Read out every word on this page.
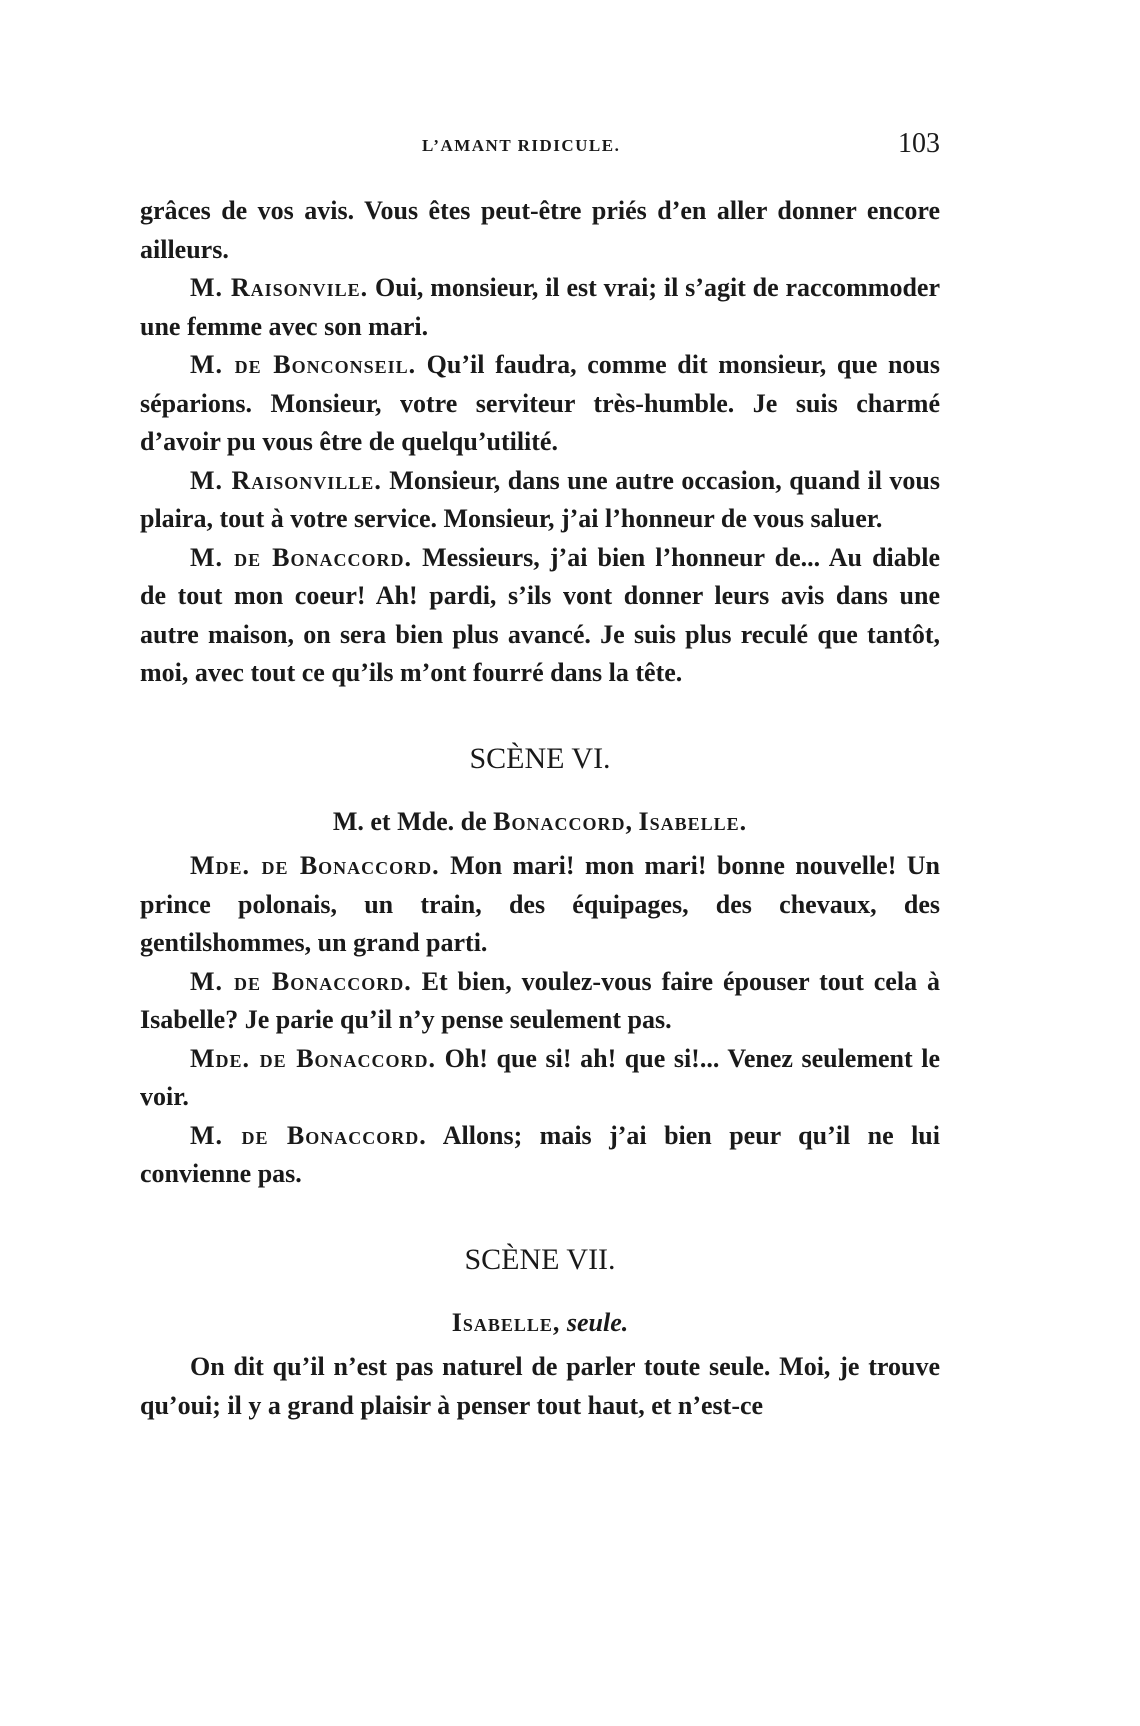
L’AMANT RIDICULE.	103

grâces de vos avis. Vous êtes peut-être priés d’en aller donner encore ailleurs.

M. Raisonvile. Oui, monsieur, il est vrai; il s’agit de raccommoder une femme avec son mari.

M. de Bonconseil. Qu’il faudra, comme dit monsieur, que nous séparions. Monsieur, votre serviteur très-humble. Je suis charmé d’avoir pu vous être de quelqu’utilité.

M. Raisonville. Monsieur, dans une autre occasion, quand il vous plaira, tout à votre service. Monsieur, j’ai l’honneur de vous saluer.

M. de Bonaccord. Messieurs, j’ai bien l’honneur de... Au diable de tout mon coeur! Ah! pardi, s’ils vont donner leurs avis dans une autre maison, on sera bien plus avancé. Je suis plus reculé que tantôt, moi, avec tout ce qu’ils m’ont fourré dans la tête.

SCÈNE VI.

M. et Mde. de Bonaccord, Isabelle.

Mde. de Bonaccord. Mon mari! mon mari! bonne nouvelle! Un prince polonais, un train, des équipages, des chevaux, des gentilshommes, un grand parti.

M. de Bonaccord. Et bien, voulez-vous faire épouser tout cela à Isabelle? Je parie qu’il n’y pense seulement pas.

Mde. de Bonaccord. Oh! que si! ah! que si!... Venez seulement le voir.

M. de Bonaccord. Allons; mais j’ai bien peur qu’il ne lui convienne pas.

SCÈNE VII.

Isabelle, seule.

On dit qu’il n’est pas naturel de parler toute seule. Moi, je trouve qu’oui; il y a grand plaisir à penser tout haut, et n’est-ce
